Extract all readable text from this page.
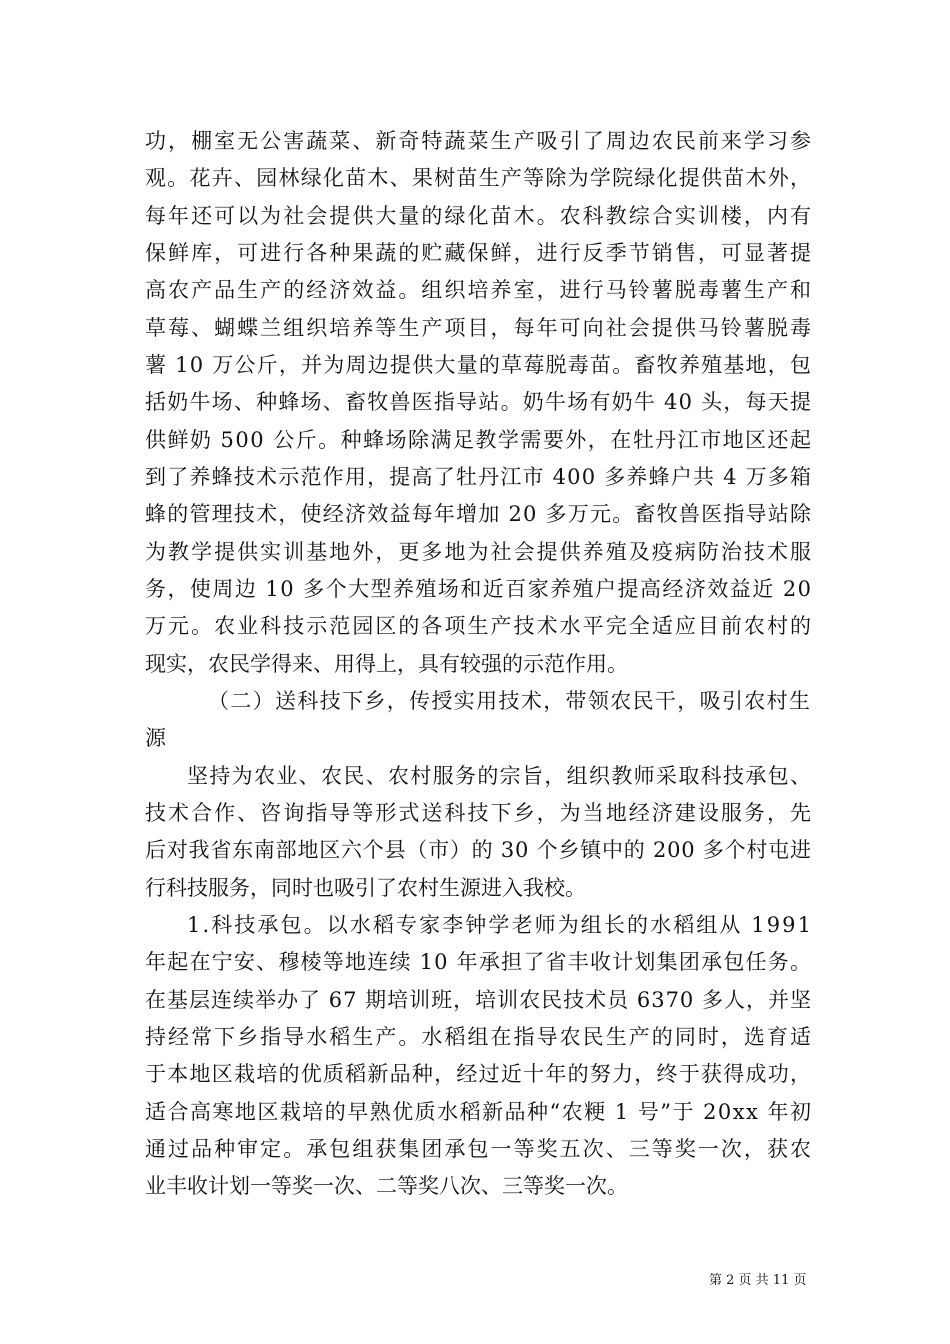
功，棚室无公害蔬菜、新奇特蔬菜生产吸引了周边农民前来学习参
观。花卉、园林绿化苗木、果树苗生产等除为学院绿化提供苗木外，
每年还可以为社会提供大量的绿化苗木。农科教综合实训楼，内有
保鲜库，可进行各种果蔬的贮藏保鲜，进行反季节销售，可显著提
高农产品生产的经济效益。组织培养室，进行马铃薯脱毒薯生产和
草莓、蝴蝶兰组织培养等生产项目，每年可向社会提供马铃薯脱毒
薯 10 万公斤，并为周边提供大量的草莓脱毒苗。畜牧养殖基地，包
括奶牛场、种蜂场、畜牧兽医指导站。奶牛场有奶牛 40 头，每天提
供鲜奶 500 公斤。种蜂场除满足教学需要外，在牡丹江市地区还起
到了养蜂技术示范作用，提高了牡丹江市 400 多养蜂户共 4 万多箱
蜂的管理技术，使经济效益每年增加 20 多万元。畜牧兽医指导站除
为教学提供实训基地外，更多地为社会提供养殖及疫病防治技术服
务，使周边 10 多个大型养殖场和近百家养殖户提高经济效益近 20
万元。农业科技示范园区的各项生产技术水平完全适应目前农村的
现实，农民学得来、用得上，具有较强的示范作用。
（二）送科技下乡，传授实用技术，带领农民干，吸引农村生
源
坚持为农业、农民、农村服务的宗旨，组织教师采取科技承包、
技术合作、咨询指导等形式送科技下乡，为当地经济建设服务，先
后对我省东南部地区六个县（市）的 30 个乡镇中的 200 多个村屯进
行科技服务，同时也吸引了农村生源进入我校。
1.科技承包。以水稻专家李钟学老师为组长的水稻组从 1991
年起在宁安、穆棱等地连续 10 年承担了省丰收计划集团承包任务。
在基层连续举办了 67 期培训班，培训农民技术员 6370 多人，并坚
持经常下乡指导水稻生产。水稻组在指导农民生产的同时，选育适
于本地区栽培的优质稻新品种，经过近十年的努力，终于获得成功，
适合高寒地区栽培的早熟优质水稻新品种“农粳 1 号”于 20xx 年初
通过品种审定。承包组获集团承包一等奖五次、三等奖一次，获农
业丰收计划一等奖一次、二等奖八次、三等奖一次。
第 2 页 共 11 页
